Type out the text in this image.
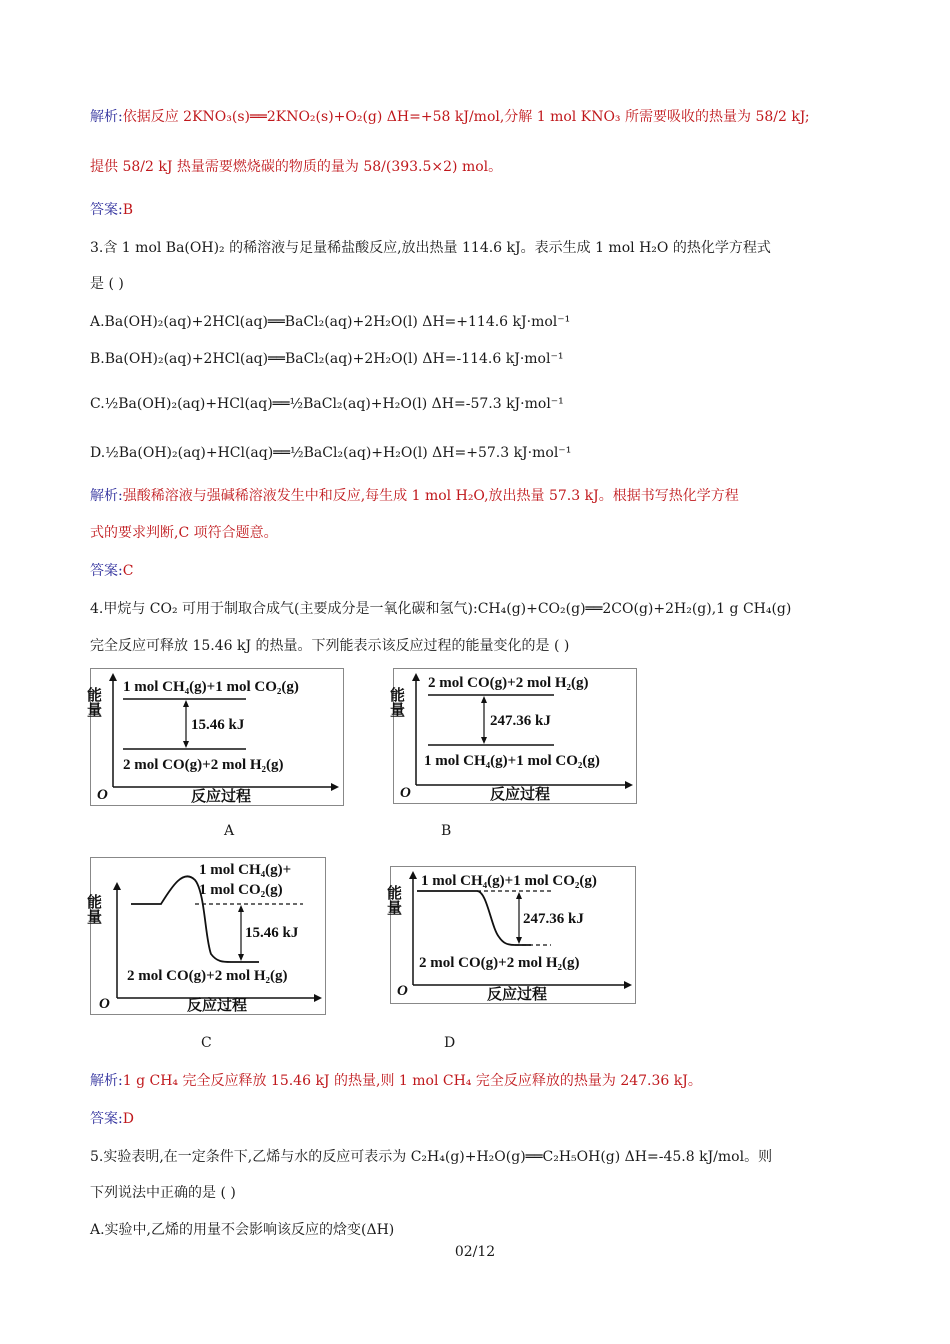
解析:依据反应 2KNO₃(s)══2KNO₂(s)+O₂(g) ΔH=+58 kJ/mol,分解 1 mol KNO₃ 所需要吸收的热量为 58/2 kJ;
提供 58/2 kJ 热量需要燃烧碳的物质的量为 58/(393.5×2) mol。
答案:B
3.含 1 mol Ba(OH)₂ 的稀溶液与足量稀盐酸反应,放出热量 114.6 kJ。表示生成 1 mol H₂O 的热化学方程式
是 ( )
A.Ba(OH)₂(aq)+2HCl(aq)══BaCl₂(aq)+2H₂O(l) ΔH=+114.6 kJ·mol⁻¹
B.Ba(OH)₂(aq)+2HCl(aq)══BaCl₂(aq)+2H₂O(l) ΔH=-114.6 kJ·mol⁻¹
C.½Ba(OH)₂(aq)+HCl(aq)══½BaCl₂(aq)+H₂O(l) ΔH=-57.3 kJ·mol⁻¹
D.½Ba(OH)₂(aq)+HCl(aq)══½BaCl₂(aq)+H₂O(l) ΔH=+57.3 kJ·mol⁻¹
解析:强酸稀溶液与强碱稀溶液发生中和反应,每生成 1 mol H₂O,放出热量 57.3 kJ。根据书写热化学方程
式的要求判断,C 项符合题意。
答案:C
4.甲烷与 CO₂ 可用于制取合成气(主要成分是一氧化碳和氢气):CH₄(g)+CO₂(g)══2CO(g)+2H₂(g),1 g CH₄(g)
完全反应可释放 15.46 kJ 的热量。下列能表示该反应过程的能量变化的是 ( )
能量
O	反应过程
1 mol CH₄(g)+1 mol CO₂(g)
15.46 kJ
2 mol CO(g)+2 mol H₂(g)
A
能量
O	反应过程
2 mol CO(g)+2 mol H₂(g)
247.36 kJ
1 mol CH₄(g)+1 mol CO₂(g)
B
能量
O	反应过程
1 mol CH₄(g)+
1 mol CO₂(g)
15.46 kJ
2 mol CO(g)+2 mol H₂(g)
C
能量
O	反应过程
1 mol CH₄(g)+1 mol CO₂(g)
247.36 kJ
2 mol CO(g)+2 mol H₂(g)
D
解析:1 g CH₄ 完全反应释放 15.46 kJ 的热量,则 1 mol CH₄ 完全反应释放的热量为 247.36 kJ。
答案:D
5.实验表明,在一定条件下,乙烯与水的反应可表示为 C₂H₄(g)+H₂O(g)══C₂H₅OH(g) ΔH=-45.8 kJ/mol。则
下列说法中正确的是 ( )
A.实验中,乙烯的用量不会影响该反应的焓变(ΔH)
02/12
